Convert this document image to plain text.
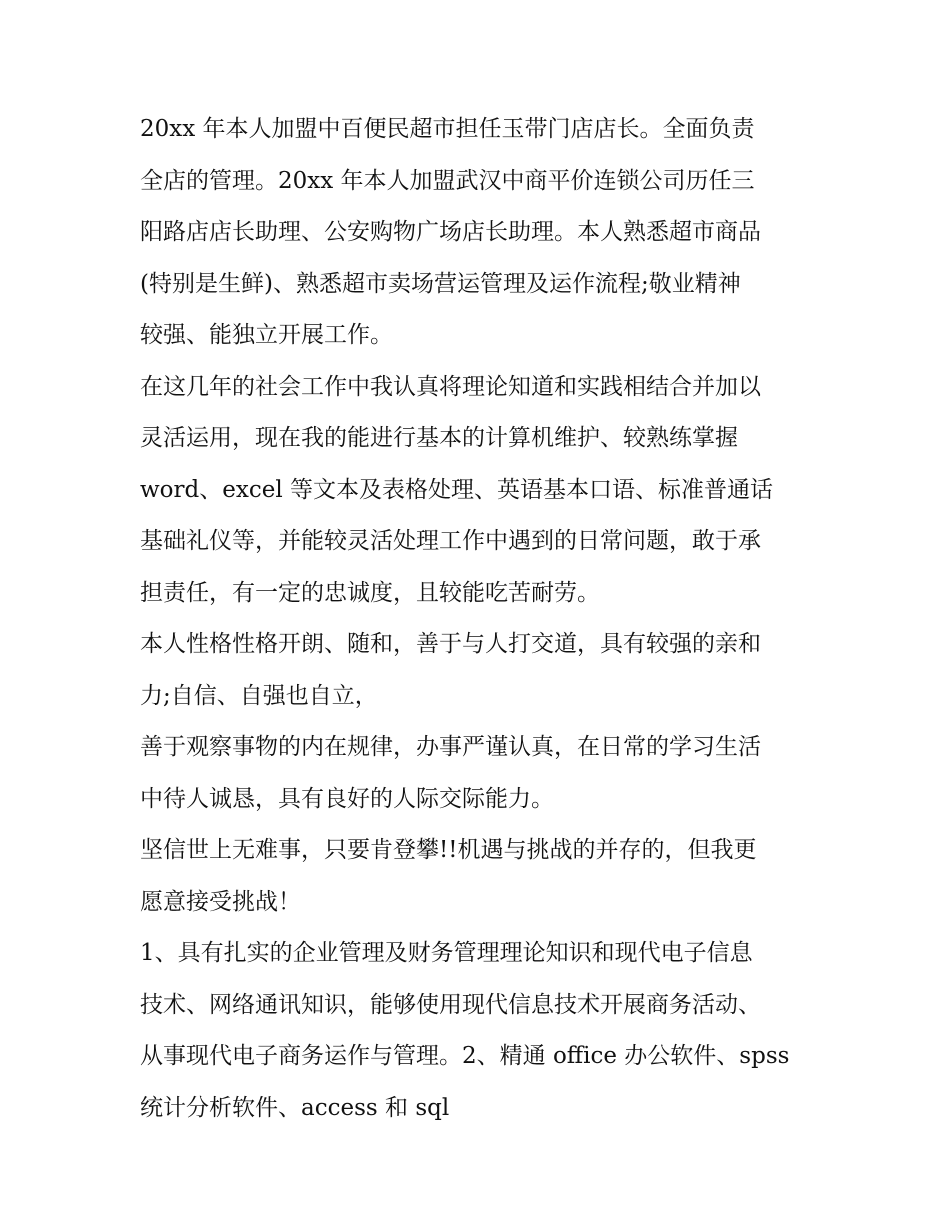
20xx 年本人加盟中百便民超市担任玉带门店店长。全面负责
全店的管理。20xx 年本人加盟武汉中商平价连锁公司历任三
阳路店店长助理、公安购物广场店长助理。本人熟悉超市商品
(特别是生鲜)、熟悉超市卖场营运管理及运作流程;敬业精神
较强、能独立开展工作。
在这几年的社会工作中我认真将理论知道和实践相结合并加以
灵活运用，现在我的能进行基本的计算机维护、较熟练掌握
word、excel 等文本及表格处理、英语基本口语、标准普通话
基础礼仪等，并能较灵活处理工作中遇到的日常问题，敢于承
担责任，有一定的忠诚度，且较能吃苦耐劳。
本人性格性格开朗、随和，善于与人打交道，具有较强的亲和
力;自信、自强也自立，
善于观察事物的内在规律，办事严谨认真，在日常的学习生活
中待人诚恳，具有良好的人际交际能力。
坚信世上无难事，只要肯登攀!!机遇与挑战的并存的，但我更
愿意接受挑战！
1、具有扎实的企业管理及财务管理理论知识和现代电子信息
技术、网络通讯知识，能够使用现代信息技术开展商务活动、
从事现代电子商务运作与管理。2、精通 office 办公软件、spss
统计分析软件、access 和 sql
